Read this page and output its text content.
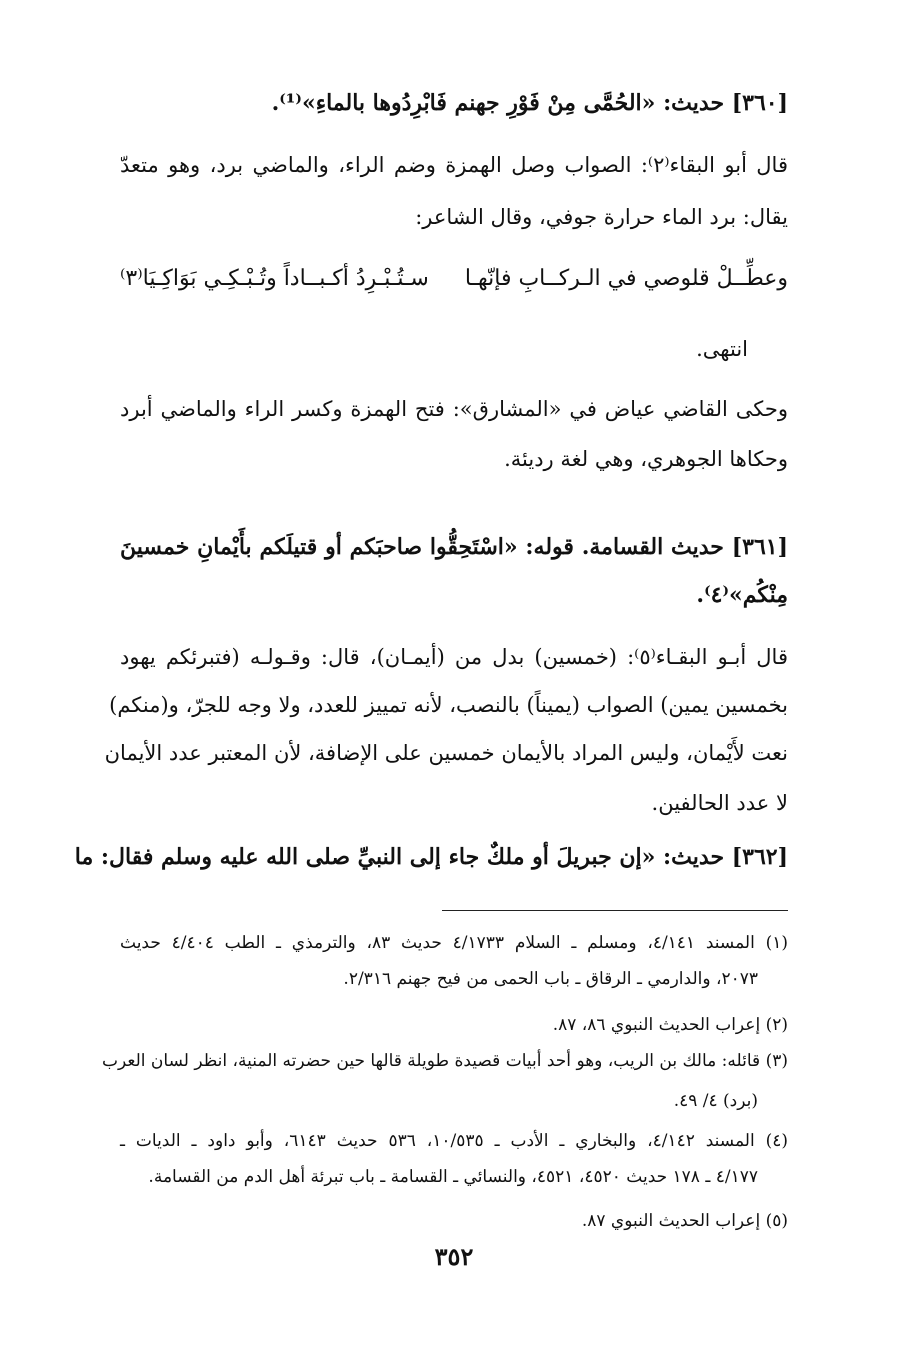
[٣٦٠] حديث: «الحُمَّى مِنْ فَوْرِ جهنم فَابْرِدُوها بالماءِ»⁽¹⁾.
قال أبو البقاء⁽٢⁾: الصواب وصل الهمزة وضم الراء، والماضي برد، وهو متعدّ
يقال: برد الماء حرارة جوفي، وقال الشاعر:
وعطِّــلْ قلوصي في الـركــابِ فإنّهـا
سـتُـبْـرِدُ أكـبــاداً وتُـبْـكِـي بَوَاكِـيَا⁽٣⁾
انتهى.
وحكى القاضي عياض في «المشارق»: فتح الهمزة وكسر الراء والماضي أبرد
وحكاها الجوهري، وهي لغة رديئة.
[٣٦١] حديث القسامة. قوله: «اسْتَحِقُّوا صاحبَكم أو قتيلَكم بأَيْمانِ خمسينَ
مِنْكُم»⁽٤⁾.
قال أبـو البقـاء⁽٥⁾: (خمسين) بدل من (أيمـان)، قال: وقـولـه (فتبرئكم يهود
بخمسين يمين) الصواب (يميناً) بالنصب، لأنه تمييز للعدد، ولا وجه للجرّ، و(منكم)
نعت لأَيْمان، وليس المراد بالأيمان خمسين على الإضافة، لأن المعتبر عدد الأيمان
لا عدد الحالفين.
[٣٦٢] حديث: «إن جبريلَ أو ملكٌ جاء إلى النبيِّ صلى الله عليه وسلم فقال: ما
(١) المسند ٤/١٤١، ومسلم ـ السلام ٤/١٧٣٣ حديث ٨٣، والترمذي ـ الطب ٤/٤٠٤ حديث
٢٠٧٣، والدارمي ـ الرقاق ـ باب الحمى من فيح جهنم ٢/٣١٦.
(٢) إعراب الحديث النبوي ٨٦، ٨٧.
(٣) قائله: مالك بن الريب، وهو أحد أبيات قصيدة طويلة قالها حين حضرته المنية، انظر لسان العرب
(برد) ٤/ ٤٩.
(٤) المسند ٤/١٤٢، والبخاري ـ الأدب ـ ١٠/٥٣٥، ٥٣٦ حديث ٦١٤٣، وأبو داود ـ الديات ـ
٤/١٧٧ ـ ١٧٨ حديث ٤٥٢٠، ٤٥٢١، والنسائي ـ القسامة ـ باب تبرئة أهل الدم من القسامة.
(٥) إعراب الحديث النبوي ٨٧.
٣٥٢
